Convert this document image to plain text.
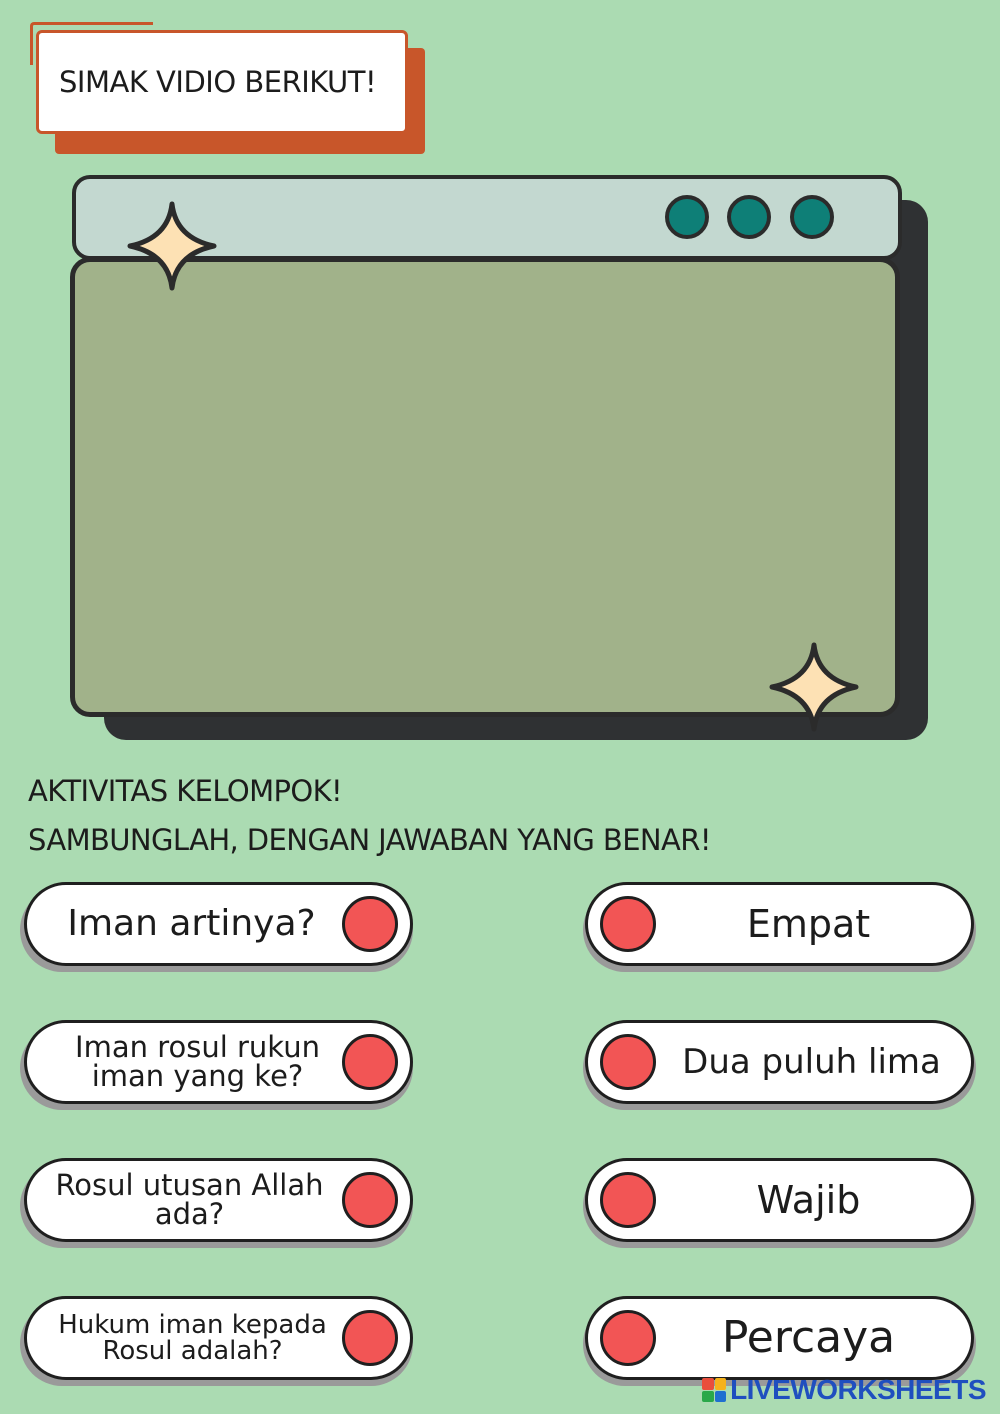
SIMAK VIDIO BERIKUT!
AKTIVITAS KELOMPOK!
SAMBUNGLAH, DENGAN JAWABAN YANG BENAR!
Iman artinya?
Iman rosul rukun iman yang ke?
Rosul utusan Allah ada?
Hukum iman kepada Rosul adalah?
Empat
Dua puluh lima
Wajib
Percaya
LIVEWORKSHEETS
